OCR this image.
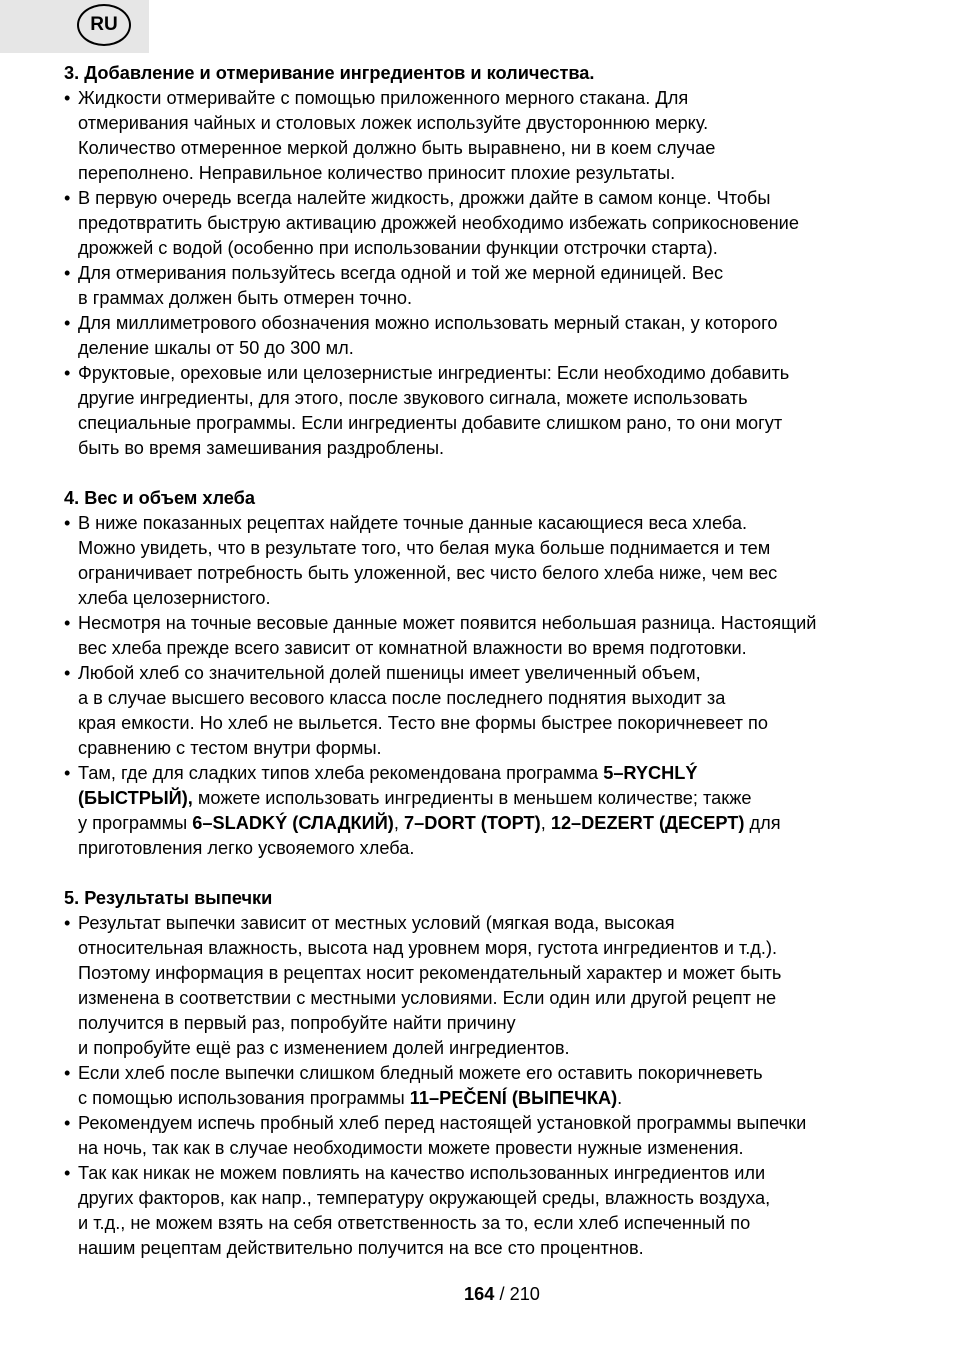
RU
3. Добавление и отмеривание ингредиентов и количества.
• Жидкости отмеривайте с помощью приложенного мерного стакана. Для
отмеривания чайных и столовых ложек используйте двустороннюю мерку.
Количество отмеренное меркой должно быть выравнено, ни в коем случае
переполнено. Неправильное количество приносит плохие результаты.
• В первую очередь всегда налейте жидкость, дрожжи дайте в самом конце. Чтобы
предотвратить быструю активацию дрожжей необходимо избежать соприкосновение
дрожжей с водой (особенно при использовании функции отстрочки старта).
• Для отмеривания пользуйтесь всегда одной и той же мерной единицей. Вес
в граммах должен быть отмерен точно.
• Для миллиметрового обозначения можно использовать мерный стакан, у которого
деление шкалы от 50 до 300 мл.
• Фруктовые, ореховые или целозернистые ингредиенты: Если необходимо добавить
другие ингредиенты, для этого, после звукового сигнала, можете использовать
специальные программы. Если ингредиенты добавите слишком рано, то они могут
быть во время замешивания раздроблены.
4. Вес и объем хлеба
• В ниже показанных рецептах найдете точные данные касающиеся веса хлеба.
Можно увидеть, что в результате того, что белая мука больше поднимается и тем
ограничивает потребность быть уложенной, вес чисто белого хлеба ниже, чем вес
хлеба целозернистого.
• Несмотря на точные весовые данные может появится небольшая разница. Настоящий
вес хлеба прежде всего зависит от комнатной влажности во время подготовки.
• Любой хлеб со значительной долей пшеницы имеет увеличенный объем,
а в случае высшего весового класса после последнего поднятия выходит за
края емкости. Но хлеб не выльется. Тесто вне формы быстрее покоричневеет по
сравнению с тестом внутри формы.
• Там, где для сладких типов хлеба рекомендована программа 5–RYCHLÝ
(БЫСТРЫЙ), можете использовать ингредиенты в меньшем количестве; также
у программы 6–SLADKÝ (СЛАДКИЙ), 7–DORT (ТОРТ), 12–DEZERT (ДЕСЕРТ) для
приготовления легко усвояемого хлеба.
5. Результаты выпечки
• Результат выпечки зависит от местных условий (мягкая вода, высокая
относительная влажность, высота над уровнем моря, густота ингредиентов и т.д.).
Поэтому информация в рецептах носит рекомендательный характер и может быть
изменена в соответствии с местными условиями. Если один или другой рецепт не
получится в первый раз, попробуйте найти причину
и попробуйте ещё раз с изменением долей ингредиентов.
• Если хлеб после выпечки слишком бледный можете его оставить покоричневеть
с помощью использования программы 11–PEČENÍ (ВЫПЕЧКА).
• Рекомендуем испечь пробный хлеб перед настоящей установкой программы выпечки
на ночь, так как в случае необходимости можете провести нужные изменения.
• Так как никак не можем повлиять на качество использованных ингредиентов или
других факторов, как напр., температуру окружающей среды, влажность воздуха,
и т.д., не можем взять на себя ответственность за то, если хлеб испеченный по
нашим рецептам действительно получится на все сто процентнов.
164 / 210
